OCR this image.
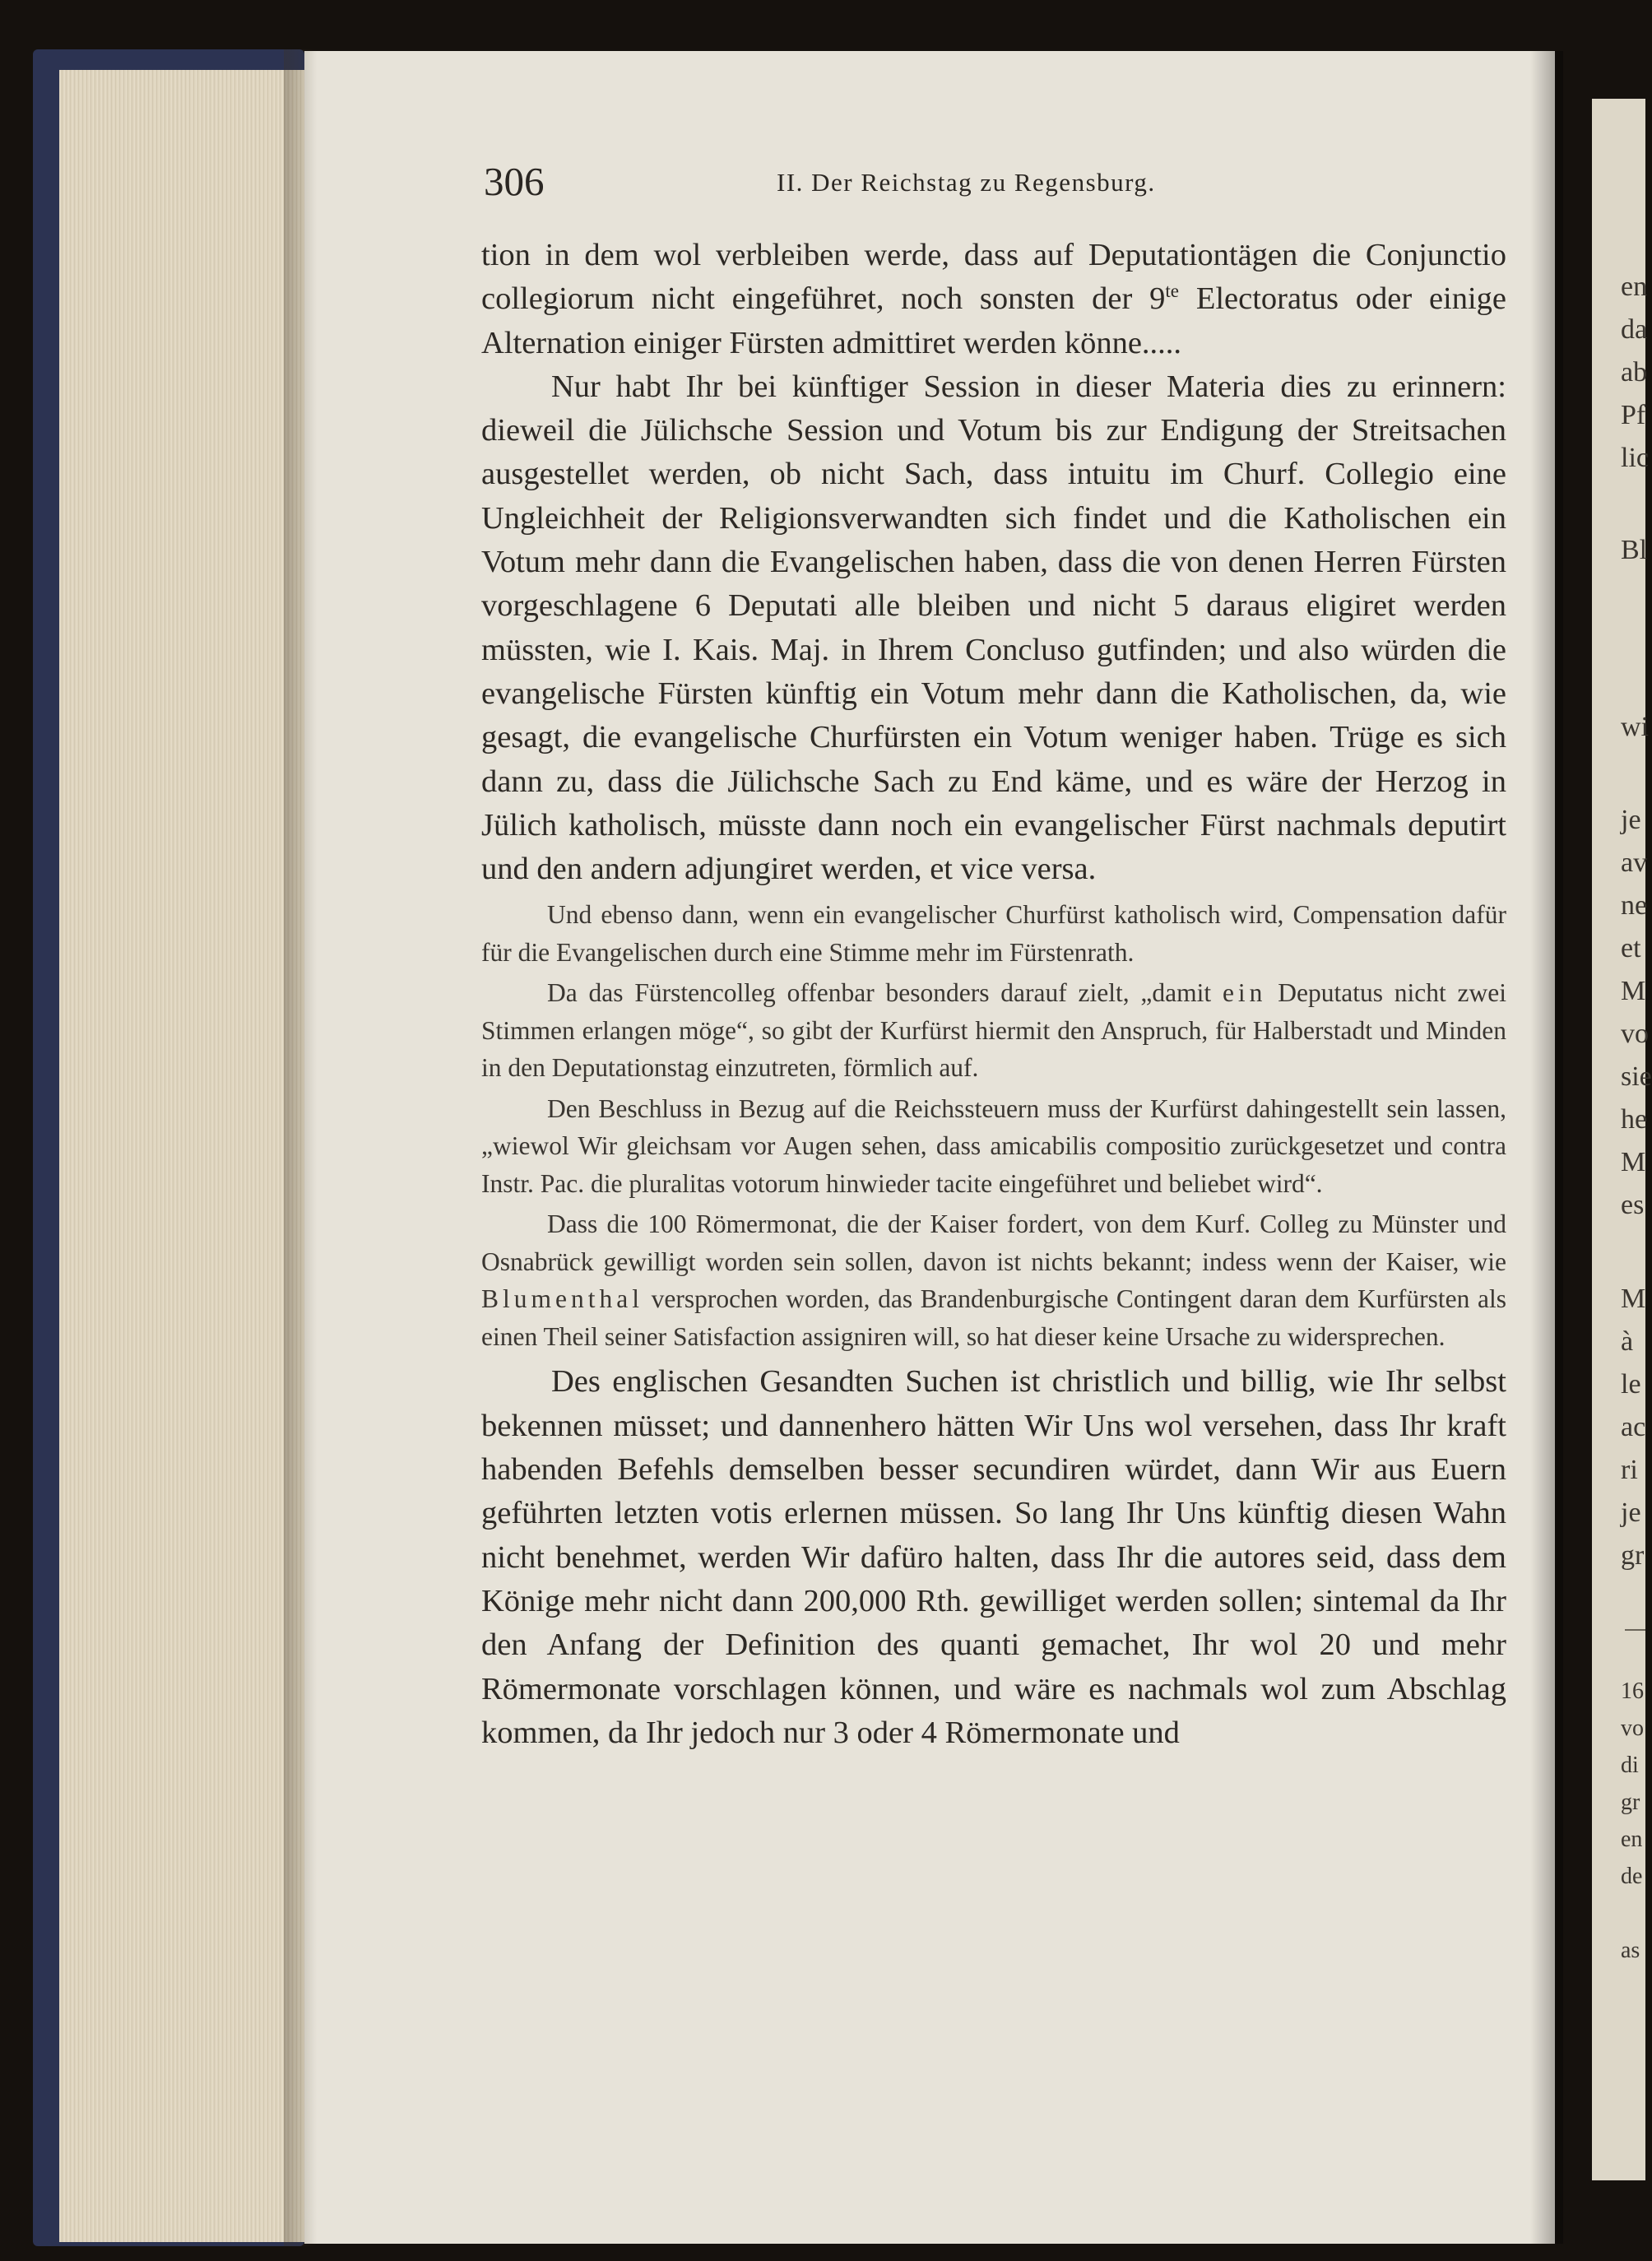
en
da
ab
Pf
lic
Bl
wi
je
av
ne
et
M
vo
sie
he
M
es
M
à
le
ac
ri
je
gr
16
vo
di
gr
en
de
as
306	II. Der Reichstag zu Regensburg.

tion in dem wol verbleiben werde, dass auf Deputationtägen die Conjunctio collegiorum nicht eingeführet, noch sonsten der $9^{te}$ Electoratus oder einige Alternation einiger Fürsten admittiret werden könne.....

Nur habt Ihr bei künftiger Session in dieser Materia dies zu erinnern: dieweil die Jülichsche Session und Votum bis zur Endigung der Streitsachen ausgestellet werden, ob nicht Sach, dass intuitu im Churf. Collegio eine Ungleichheit der Religionsverwandten sich findet und die Katholischen ein Votum mehr dann die Evangelischen haben, dass die von denen Herren Fürsten vorgeschlagene 6 Deputati alle bleiben und nicht 5 daraus eligiret werden müssten, wie I. Kais. Maj. in Ihrem Concluso gutfinden; und also würden die evangelische Fürsten künftig ein Votum mehr dann die Katholischen, da, wie gesagt, die evangelische Churfürsten ein Votum weniger haben. Trüge es sich dann zu, dass die Jülichsche Sach zu End käme, und es wäre der Herzog in Jülich katholisch, müsste dann noch ein evangelischer Fürst nachmals deputirt und den andern adjungiret werden, et vice versa.

Und ebenso dann, wenn ein evangelischer Churfürst katholisch wird, Compensation dafür für die Evangelischen durch eine Stimme mehr im Fürstenrath.

Da das Fürstencolleg offenbar besonders darauf zielt, „damit ein Deputatus nicht zwei Stimmen erlangen möge“, so gibt der Kurfürst hiermit den Anspruch, für Halberstadt und Minden in den Deputationstag einzutreten, förmlich auf.

Den Beschluss in Bezug auf die Reichssteuern muss der Kurfürst dahingestellt sein lassen, „wiewol Wir gleichsam vor Augen sehen, dass amicabilis compositio zurückgesetzet und contra Instr. Pac. die pluralitas votorum hinwieder tacite eingeführet und beliebet wird“.

Dass die 100 Römermonat, die der Kaiser fordert, von dem Kurf. Colleg zu Münster und Osnabrück gewilligt worden sein sollen, davon ist nichts bekannt; indess wenn der Kaiser, wie Blumenthal versprochen worden, das Brandenburgische Contingent daran dem Kurfürsten als einen Theil seiner Satisfaction assigniren will, so hat dieser keine Ursache zu widersprechen.

Des englischen Gesandten Suchen ist christlich und billig, wie Ihr selbst bekennen müsset; und dannenhero hätten Wir Uns wol versehen, dass Ihr kraft habenden Befehls demselben besser secundiren würdet, dann Wir aus Euern geführten letzten votis erlernen müssen. So lang Ihr Uns künftig diesen Wahn nicht benehmet, werden Wir dafüro halten, dass Ihr die autores seid, dass dem Könige mehr nicht dann 200,000 Rth. gewilliget werden sollen; sintemal da Ihr den Anfang der Definition des quanti gemachet, Ihr wol 20 und mehr Römermonate vorschlagen können, und wäre es nachmals wol zum Abschlag kommen, da Ihr jedoch nur 3 oder 4 Römermonate und
